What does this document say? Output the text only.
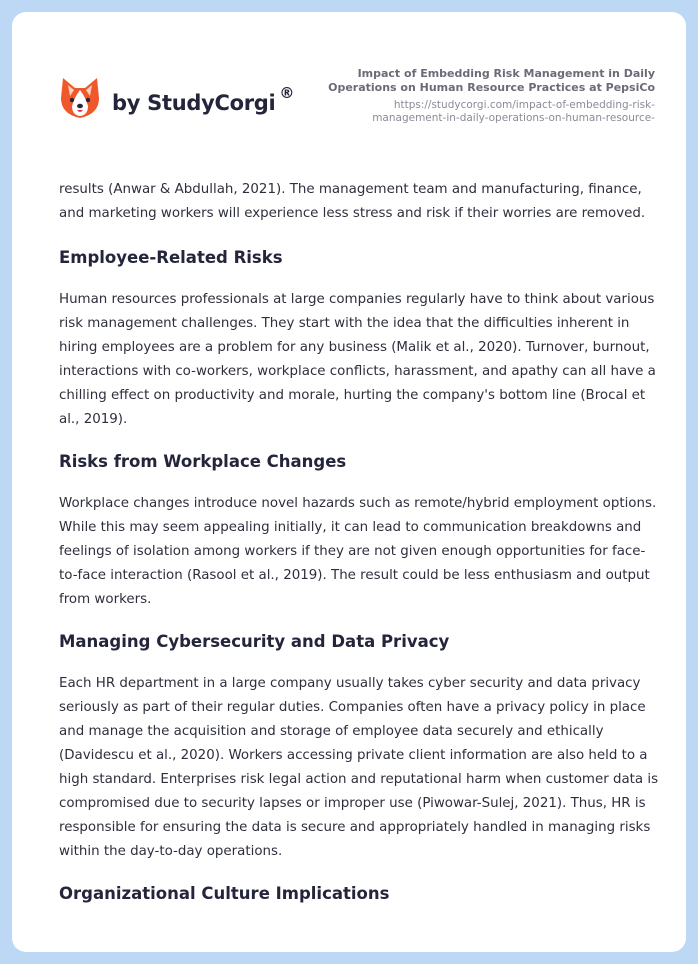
by StudyCorgi ®
Impact of Embedding Risk Management in Daily
Operations on Human Resource Practices at PepsiCo
https://studycorgi.com/impact-of-embedding-risk-
management-in-daily-operations-on-human-resource-

results (Anwar & Abdullah, 2021). The management team and manufacturing, finance, and marketing workers will experience less stress and risk if their worries are removed.

Employee-Related Risks

Human resources professionals at large companies regularly have to think about various risk management challenges. They start with the idea that the difficulties inherent in hiring employees are a problem for any business (Malik et al., 2020). Turnover, burnout, interactions with co-workers, workplace conflicts, harassment, and apathy can all have a chilling effect on productivity and morale, hurting the company's bottom line (Brocal et al., 2019).

Risks from Workplace Changes

Workplace changes introduce novel hazards such as remote/hybrid employment options. While this may seem appealing initially, it can lead to communication breakdowns and feelings of isolation among workers if they are not given enough opportunities for face-to-face interaction (Rasool et al., 2019). The result could be less enthusiasm and output from workers.

Managing Cybersecurity and Data Privacy

Each HR department in a large company usually takes cyber security and data privacy seriously as part of their regular duties. Companies often have a privacy policy in place and manage the acquisition and storage of employee data securely and ethically (Davidescu et al., 2020). Workers accessing private client information are also held to a high standard. Enterprises risk legal action and reputational harm when customer data is compromised due to security lapses or improper use (Piwowar-Sulej, 2021). Thus, HR is responsible for ensuring the data is secure and appropriately handled in managing risks within the day-to-day operations.

Organizational Culture Implications
